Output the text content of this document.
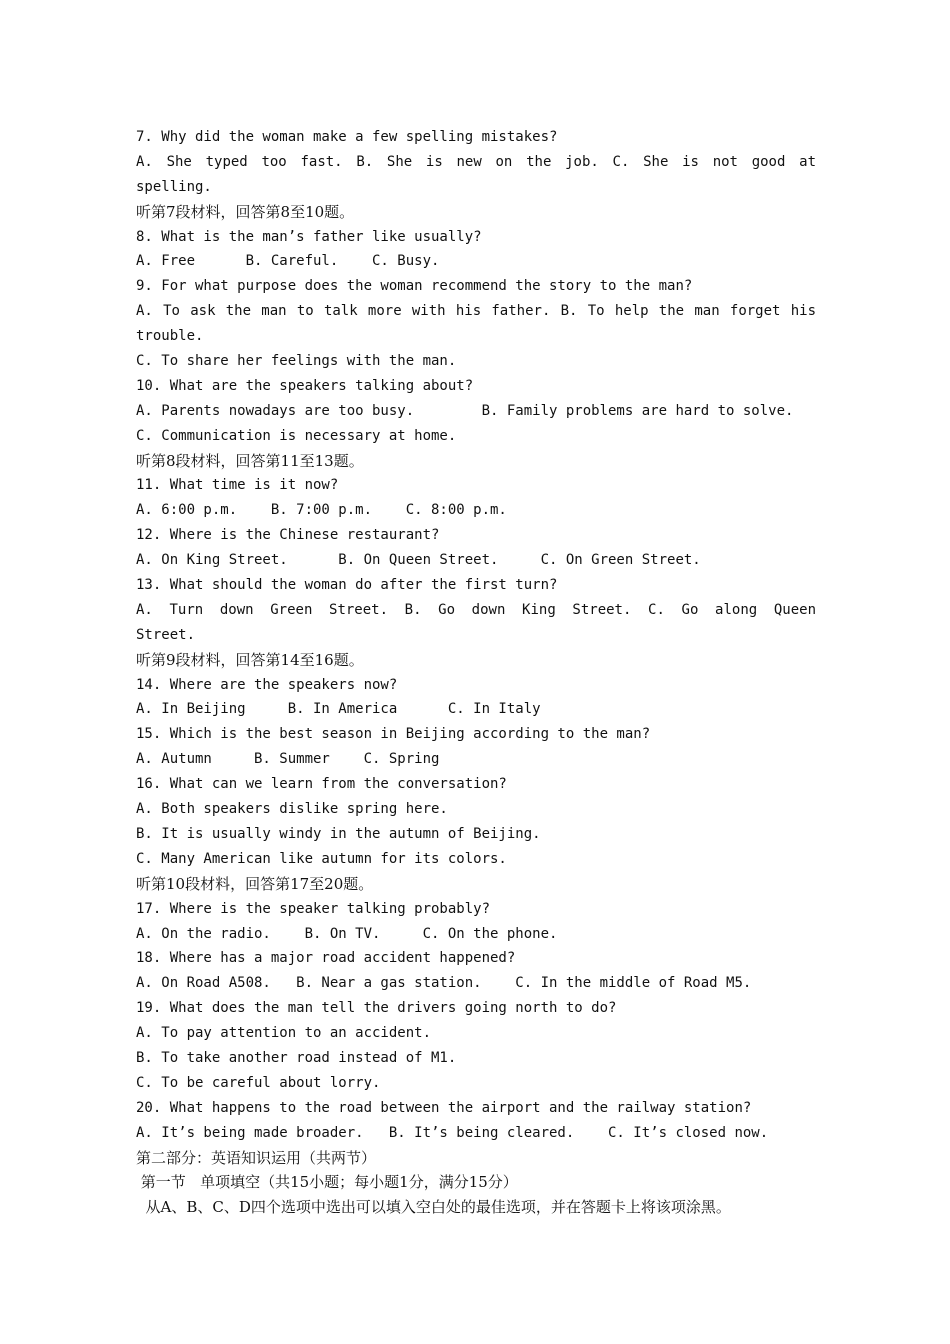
7. Why did the woman make a few spelling mistakes?
A. She typed too fast. B. She is new on the job. C. She is not good at
spelling.
听第7段材料，回答第8至10题。
8. What is the man’s father like usually?
A. Free      B. Careful.    C. Busy.
9. For what purpose does the woman recommend the story to the man?
A. To ask the man to talk more with his father. B. To help the man forget his
trouble.
C. To share her feelings with the man.
10. What are the speakers talking about?
A. Parents nowadays are too busy.        B. Family problems are hard to solve.
C. Communication is necessary at home.
听第8段材料，回答第11至13题。
11. What time is it now?
A. 6:00 p.m.    B. 7:00 p.m.    C. 8:00 p.m.
12. Where is the Chinese restaurant?
A. On King Street.      B. On Queen Street.     C. On Green Street.
13. What should the woman do after the first turn?
A. Turn down Green Street. B. Go down King Street. C. Go along Queen
Street.
听第9段材料，回答第14至16题。
14. Where are the speakers now?
A. In Beijing     B. In America      C. In Italy
15. Which is the best season in Beijing according to the man?
A. Autumn     B. Summer    C. Spring
16. What can we learn from the conversation?
A. Both speakers dislike spring here.
B. It is usually windy in the autumn of Beijing.
C. Many American like autumn for its colors.
听第10段材料，回答第17至20题。
17. Where is the speaker talking probably?
A. On the radio.    B. On TV.     C. On the phone.
18. Where has a major road accident happened?
A. On Road A508.   B. Near a gas station.    C. In the middle of Road M5.
19. What does the man tell the drivers going north to do?
A. To pay attention to an accident.
B. To take another road instead of M1.
C. To be careful about lorry.
20. What happens to the road between the airport and the railway station?
A. It’s being made broader.   B. It’s being cleared.    C. It’s closed now.
第二部分：英语知识运用（共两节）
第一节   单项填空（共15小题；每小题1分，满分15分）
从A、B、C、D四个选项中选出可以填入空白处的最佳选项，并在答题卡上将该项涂黑。
